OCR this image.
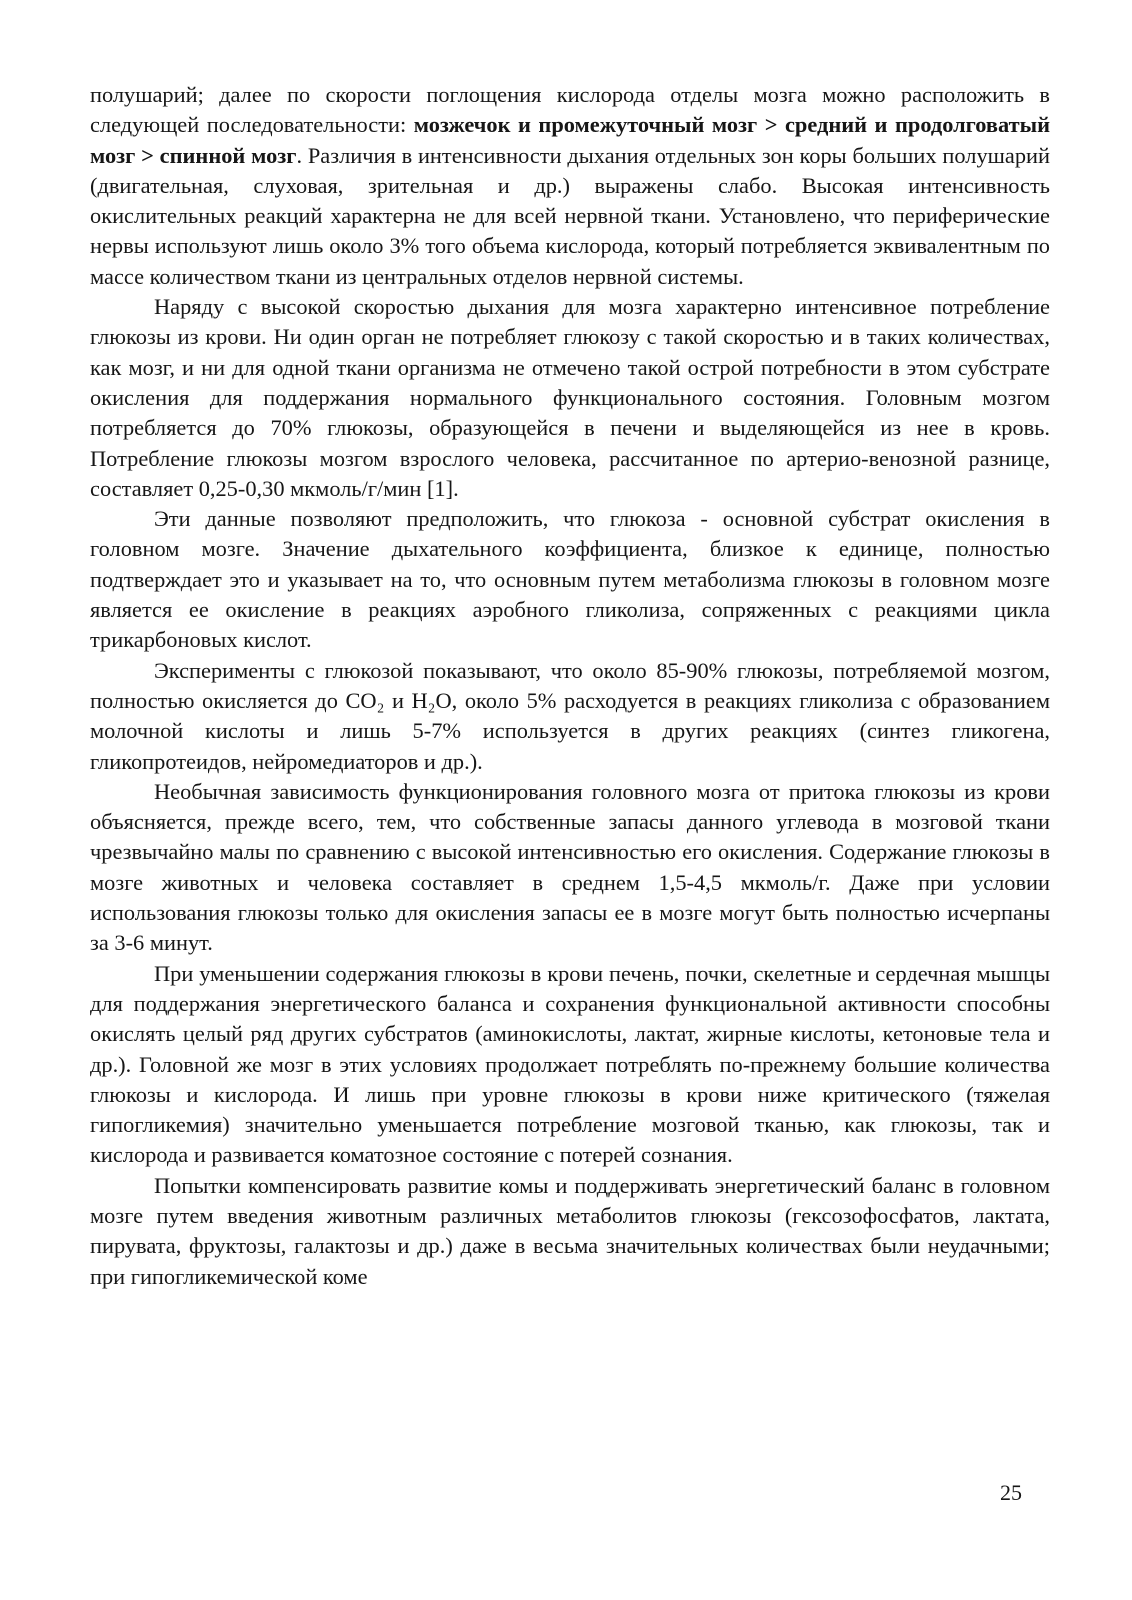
полушарий; далее по скорости поглощения кислорода отделы мозга можно расположить в следующей последовательности: мозжечок и промежуточный мозг > средний и продолговатый мозг > спинной мозг. Различия в интенсивности дыхания отдельных зон коры больших полушарий (двигательная, слуховая, зрительная и др.) выражены слабо. Высокая интенсивность окислительных реакций характерна не для всей нервной ткани. Установлено, что периферические нервы используют лишь около 3% того объема кислорода, который потребляется эквивалентным по массе количеством ткани из центральных отделов нервной системы.

Наряду с высокой скоростью дыхания для мозга характерно интенсивное потребление глюкозы из крови. Ни один орган не потребляет глюкозу с такой скоростью и в таких количествах, как мозг, и ни для одной ткани организма не отмечено такой острой потребности в этом субстрате окисления для поддержания нормального функционального состояния. Головным мозгом потребляется до 70% глюкозы, образующейся в печени и выделяющейся из нее в кровь. Потребление глюкозы мозгом взрослого человека, рассчитанное по артерио-венозной разнице, составляет 0,25-0,30 мкмоль/г/мин [1].

Эти данные позволяют предположить, что глюкоза - основной субстрат окисления в головном мозге. Значение дыхательного коэффициента, близкое к единице, полностью подтверждает это и указывает на то, что основным путем метаболизма глюкозы в головном мозге является ее окисление в реакциях аэробного гликолиза, сопряженных с реакциями цикла трикарбоновых кислот.

Эксперименты с глюкозой показывают, что около 85-90% глюкозы, потребляемой мозгом, полностью окисляется до CO₂ и H₂O, около 5% расходуется в реакциях гликолиза с образованием молочной кислоты и лишь 5-7% используется в других реакциях (синтез гликогена, гликопротеидов, нейромедиаторов и др.).

Необычная зависимость функционирования головного мозга от притока глюкозы из крови объясняется, прежде всего, тем, что собственные запасы данного углевода в мозговой ткани чрезвычайно малы по сравнению с высокой интенсивностью его окисления. Содержание глюкозы в мозге животных и человека составляет в среднем 1,5-4,5 мкмоль/г. Даже при условии использования глюкозы только для окисления запасы ее в мозге могут быть полностью исчерпаны за 3-6 минут.

При уменьшении содержания глюкозы в крови печень, почки, скелетные и сердечная мышцы для поддержания энергетического баланса и сохранения функциональной активности способны окислять целый ряд других субстратов (аминокислоты, лактат, жирные кислоты, кетоновые тела и др.). Головной же мозг в этих условиях продолжает потреблять по-прежнему большие количества глюкозы и кислорода. И лишь при уровне глюкозы в крови ниже критического (тяжелая гипогликемия) значительно уменьшается потребление мозговой тканью, как глюкозы, так и кислорода и развивается коматозное состояние с потерей сознания.

Попытки компенсировать развитие комы и поддерживать энергетический баланс в головном мозге путем введения животным различных метаболитов глюкозы (гексозофосфатов, лактата, пирувата, фруктозы, галактозы и др.) даже в весьма значительных количествах были неудачными; при гипогликемической коме

25
